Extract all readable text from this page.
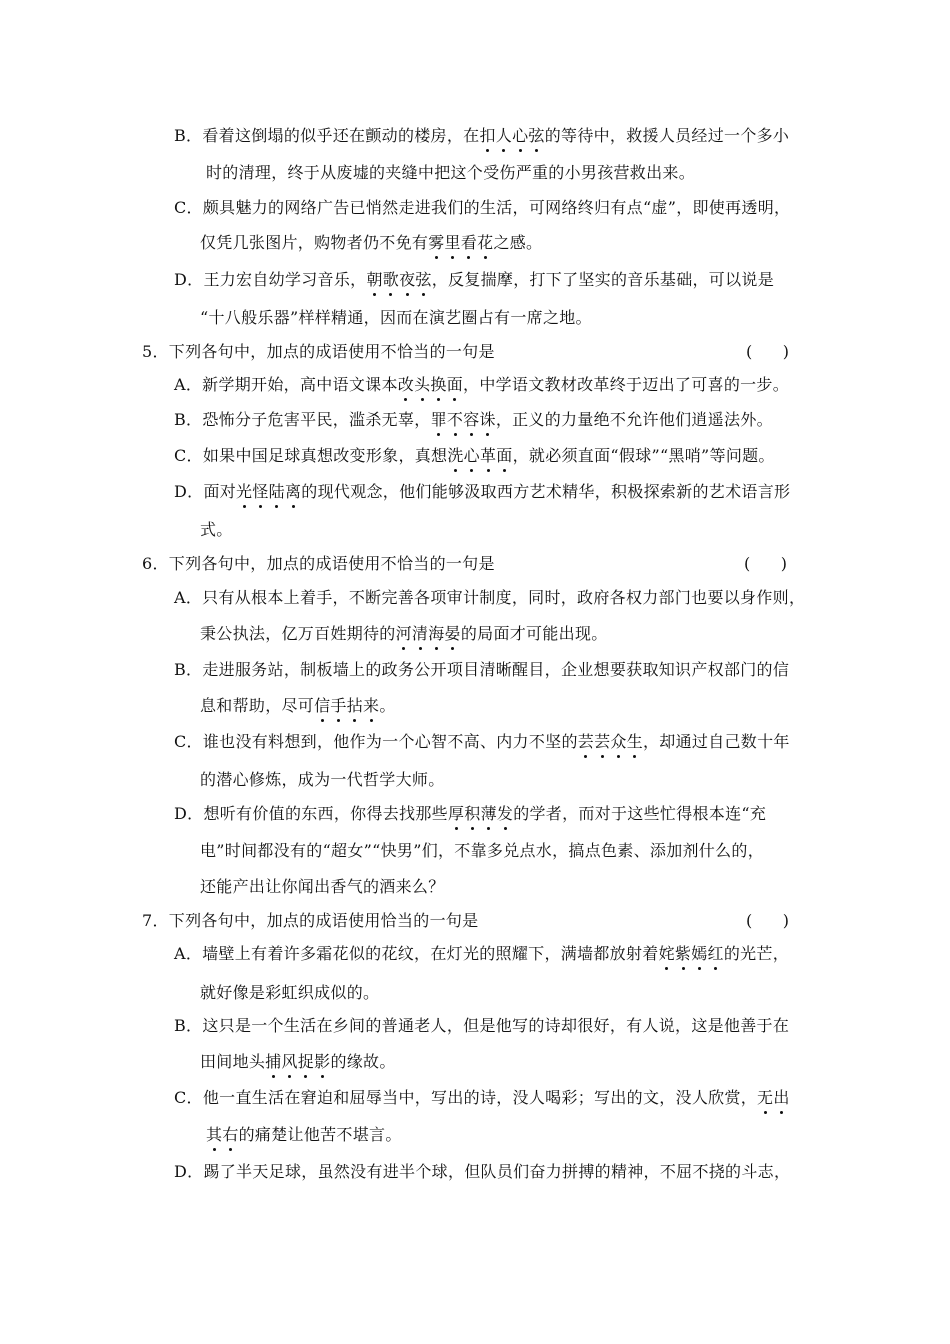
B．看着这倒塌的似乎还在颤动的楼房，在扣人心弦的等待中，救援人员经过一个多小
时的清理，终于从废墟的夹缝中把这个受伤严重的小男孩营救出来。
C．颇具魅力的网络广告已悄然走进我们的生活，可网络终归有点“虚”，即使再透明，
仅凭几张图片，购物者仍不免有雾里看花之感。
D．王力宏自幼学习音乐，朝歌夜弦，反复揣摩，打下了坚实的音乐基础，可以说是
“十八般乐器”样样精通，因而在演艺圈占有一席之地。
5．下列各句中，加点的成语使用不恰当的一句是	(      )
A．新学期开始，高中语文课本改头换面，中学语文教材改革终于迈出了可喜的一步。
B．恐怖分子危害平民，滥杀无辜，罪不容诛，正义的力量绝不允许他们逍遥法外。
C．如果中国足球真想改变形象，真想洗心革面，就必须直面“假球”“黑哨”等问题。
D．面对光怪陆离的现代观念，他们能够汲取西方艺术精华，积极探索新的艺术语言形
式。
6．下列各句中，加点的成语使用不恰当的一句是	(      )
A．只有从根本上着手，不断完善各项审计制度，同时，政府各权力部门也要以身作则，
秉公执法，亿万百姓期待的河清海晏的局面才可能出现。
B．走进服务站，制板墙上的政务公开项目清晰醒目，企业想要获取知识产权部门的信
息和帮助，尽可信手拈来。
C．谁也没有料想到，他作为一个心智不高、内力不坚的芸芸众生，却通过自己数十年
的潜心修炼，成为一代哲学大师。
D．想听有价值的东西，你得去找那些厚积薄发的学者，而对于这些忙得根本连“充
电”时间都没有的“超女”“快男”们，不靠多兑点水，搞点色素、添加剂什么的，
还能产出让你闻出香气的酒来么？
7．下列各句中，加点的成语使用恰当的一句是	(      )
A．墙壁上有着许多霜花似的花纹，在灯光的照耀下，满墙都放射着姹紫嫣红的光芒，
就好像是彩虹织成似的。
B．这只是一个生活在乡间的普通老人，但是他写的诗却很好，有人说，这是他善于在
田间地头捕风捉影的缘故。
C．他一直生活在窘迫和屈辱当中，写出的诗，没人喝彩；写出的文，没人欣赏，无出
其右的痛楚让他苦不堪言。
D．踢了半天足球，虽然没有进半个球，但队员们奋力拼搏的精神，不屈不挠的斗志，
